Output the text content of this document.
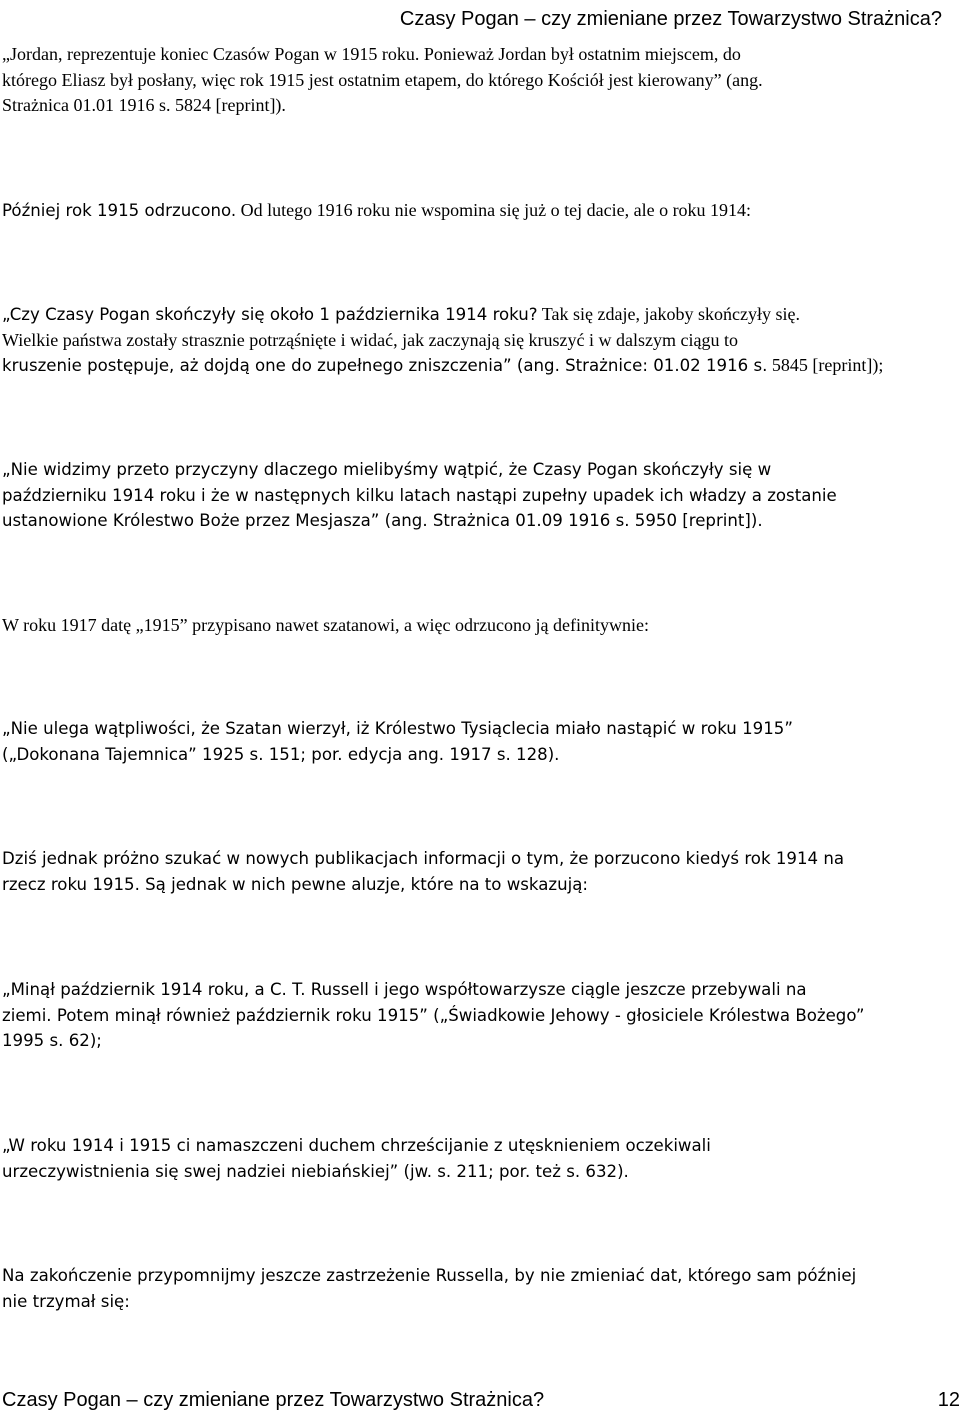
Czasy Pogan – czy zmieniane przez Towarzystwo Strażnica?

„Jordan, reprezentuje koniec Czasów Pogan w 1915 roku. Ponieważ Jordan był ostatnim miejscem, do

którego Eliasz był posłany, więc rok 1915 jest ostatnim etapem, do którego Kościół jest kierowany” (ang.

Strażnica 01.01 1916 s. 5824 [reprint]).

Później rok 1915 odrzucono. Od lutego 1916 roku nie wspomina się już o tej dacie, ale o roku 1914:

„Czy Czasy Pogan skończyły się około 1 października 1914 roku? Tak się zdaje, jakoby skończyły się.

Wielkie państwa zostały strasznie potrząśnięte i widać, jak zaczynają się kruszyć i w dalszym ciągu to

kruszenie postępuje, aż dojdą one do zupełnego zniszczenia” (ang. Strażnice: 01.02 1916 s. 5845 [reprint]);

„Nie widzimy przeto przyczyny dlaczego mielibyśmy wątpić, że Czasy Pogan skończyły się w

październiku 1914 roku i że w następnych kilku latach nastąpi zupełny upadek ich władzy a zostanie

ustanowione Królestwo Boże przez Mesjasza” (ang. Strażnica 01.09 1916 s. 5950 [reprint]).

W roku 1917 datę „1915” przypisano nawet szatanowi, a więc odrzucono ją definitywnie:

„Nie ulega wątpliwości, że Szatan wierzył, iż Królestwo Tysiąclecia miało nastąpić w roku 1915”

(„Dokonana Tajemnica” 1925 s. 151; por. edycja ang. 1917 s. 128).

Dziś jednak próżno szukać w nowych publikacjach informacji o tym, że porzucono kiedyś rok 1914 na

rzecz roku 1915. Są jednak w nich pewne aluzje, które na to wskazują:

„Minął październik 1914 roku, a C. T. Russell i jego współtowarzysze ciągle jeszcze przebywali na

ziemi. Potem minął również październik roku 1915” („Świadkowie Jehowy - głosiciele Królestwa Bożego”

1995 s. 62);

„W roku 1914 i 1915 ci namaszczeni duchem chrześcijanie z utęsknieniem oczekiwali

urzeczywistnienia się swej nadziei niebiańskiej” (jw. s. 211; por. też s. 632).

Na zakończenie przypomnijmy jeszcze zastrzeżenie Russella, by nie zmieniać dat, którego sam później

nie trzymał się:

Czasy Pogan – czy zmieniane przez Towarzystwo Strażnica?	12
